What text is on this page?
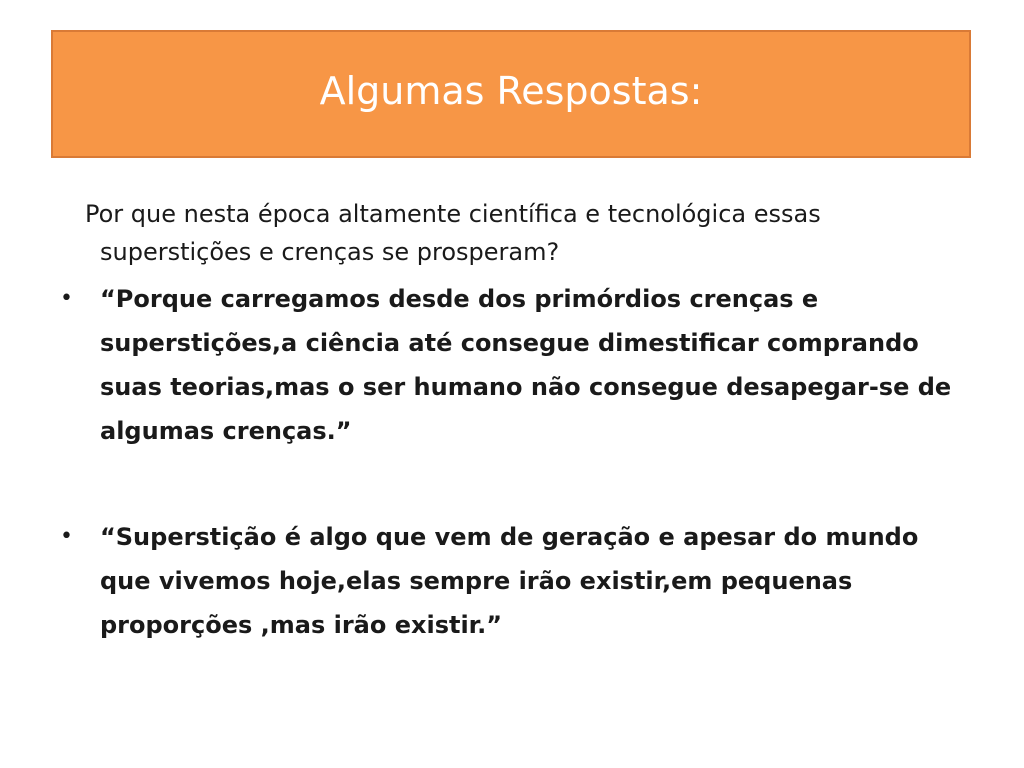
Algumas Respostas:

Por que nesta época altamente científica e tecnológica essas superstições e crenças se prosperam?

• “Porque carregamos desde dos primórdios crenças e superstições,a ciência até consegue dimestificar comprando suas teorias,mas o ser humano não consegue desapegar-se de algumas crenças.”
• “Superstição é algo que vem de geração e apesar do mundo que vivemos hoje,elas sempre irão existir,em pequenas proporções ,mas irão existir.”
